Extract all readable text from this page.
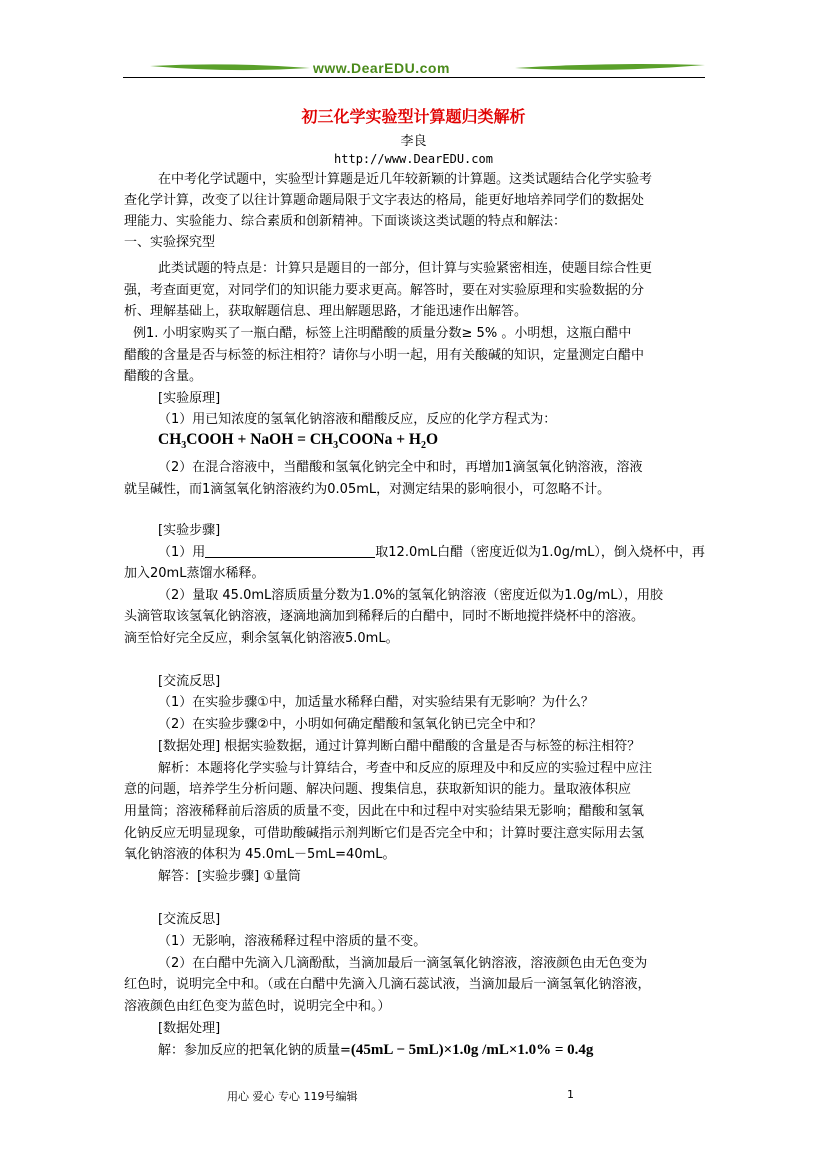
www.DearEDU.com
初三化学实验型计算题归类解析
李良
http://www.DearEDU.com
在中考化学试题中，实验型计算题是近几年较新颖的计算题。这类试题结合化学实验考
查化学计算，改变了以往计算题命题局限于文字表达的格局，能更好地培养同学们的数据处
理能力、实验能力、综合素质和创新精神。下面谈谈这类试题的特点和解法：
一、实验探究型
此类试题的特点是：计算只是题目的一部分，但计算与实验紧密相连，使题目综合性更
强，考查面更宽，对同学们的知识能力要求更高。解答时，要在对实验原理和实验数据的分
析、理解基础上，获取解题信息、理出解题思路，才能迅速作出解答。
例1. 小明家购买了一瓶白醋，标签上注明醋酸的质量分数≥ 5% 。小明想，这瓶白醋中
醋酸的含量是否与标签的标注相符？请你与小明一起，用有关酸碱的知识，定量测定白醋中
醋酸的含量。
[实验原理]
（1）用已知浓度的氢氧化钠溶液和醋酸反应，反应的化学方程式为：
$CH_3COOH$ + NaOH = $CH_3COONa + H_2O$
（2）在混合溶液中，当醋酸和氢氧化钠完全中和时，再增加1滴氢氧化钠溶液，溶液
就呈碱性，而1滴氢氧化钠溶液约为0.05mL，对测定结果的影响很小，可忽略不计。
[实验步骤]
（1）用	取12.0mL白醋（密度近似为1.0g/mL），倒入烧杯中，再
加入20mL蒸馏水稀释。
（2）量取 45.0mL溶质质量分数为1.0%的氢氧化钠溶液（密度近似为1.0g/mL），用胶
头滴管取该氢氧化钠溶液，逐滴地滴加到稀释后的白醋中，同时不断地搅拌烧杯中的溶液。
滴至恰好完全反应，剩余氢氧化钠溶液5.0mL。
[交流反思]
（1）在实验步骤①中，加适量水稀释白醋，对实验结果有无影响？为什么？
（2）在实验步骤②中，小明如何确定醋酸和氢氧化钠已完全中和？
[数据处理] 根据实验数据，通过计算判断白醋中醋酸的含量是否与标签的标注相符？
解析：本题将化学实验与计算结合，考查中和反应的原理及中和反应的实验过程中应注
意的问题，培养学生分析问题、解决问题、搜集信息，获取新知识的能力。量取液体积应
用量筒；溶液稀释前后溶质的质量不变，因此在中和过程中对实验结果无影响；醋酸和氢氧
化钠反应无明显现象，可借助酸碱指示剂判断它们是否完全中和；计算时要注意实际用去氢
氧化钠溶液的体积为 45.0mL－5mL=40mL。
解答：[实验步骤] ①量筒
[交流反思]
（1）无影响，溶液稀释过程中溶质的量不变。
（2）在白醋中先滴入几滴酚酞，当滴加最后一滴氢氧化钠溶液，溶液颜色由无色变为
红色时，说明完全中和。（或在白醋中先滴入几滴石蕊试液，当滴加最后一滴氢氧化钠溶液，
溶液颜色由红色变为蓝色时，说明完全中和。）
[数据处理]
解：参加反应的把氧化钠的质量=(45mL − 5mL)×1.0g /mL×1.0% = 0.4g
用心 爱心 专心 119号编辑	1
